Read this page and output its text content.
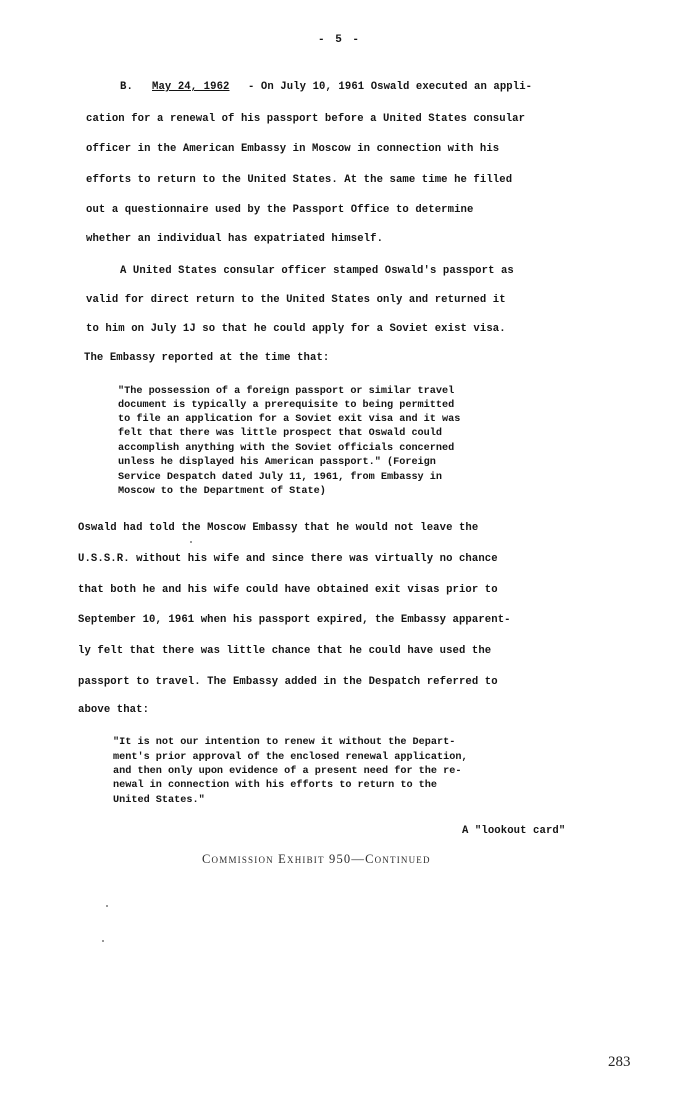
- 5 -
B. May 24, 1962 - On July 10, 1961 Oswald executed an appli-
cation for a renewal of his passport before a United States consular
officer in the American Embassy in Moscow in connection with his
efforts to return to the United States. At the same time he filled
out a questionnaire used by the Passport Office to determine
whether an individual has expatriated himself.
A United States consular officer stamped Oswald's passport as
valid for direct return to the United States only and returned it
to him on July 1J so that he could apply for a Soviet exist visa.
The Embassy reported at the time that:
"The possession of a foreign passport or similar travel
document is typically a prerequisite to being permitted
to file an application for a Soviet exit visa and it was
felt that there was little prospect that Oswald could
accomplish anything with the Soviet officials concerned
unless he displayed his American passport." (Foreign
Service Despatch dated July 11, 1961, from Embassy in
Moscow to the Department of State)
Oswald had told the Moscow Embassy that he would not leave the
U.S.S.R. without his wife and since there was virtually no chance
that both he and his wife could have obtained exit visas prior to
September 10, 1961 when his passport expired, the Embassy apparent-
ly felt that there was little chance that he could have used the
passport to travel. The Embassy added in the Despatch referred to
above that:
"It is not our intention to renew it without the Depart-
ment's prior approval of the enclosed renewal application,
and then only upon evidence of a present need for the re-
newal in connection with his efforts to return to the
United States."
A "lookout card"
Commission Exhibit 950—Continued
283
